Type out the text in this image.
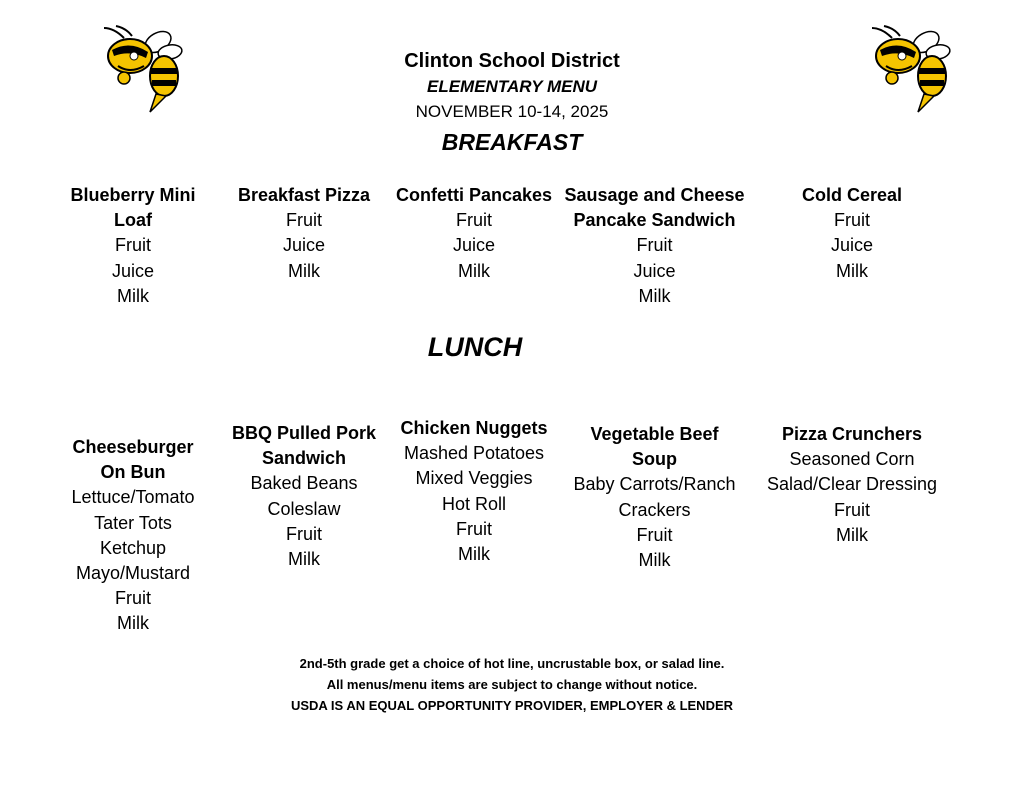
Clinton School District
ELEMENTARY MENU
NOVEMBER 10-14, 2025
BREAKFAST
Blueberry Mini Loaf
Fruit
Juice
Milk
Breakfast Pizza
Fruit
Juice
Milk
Confetti Pancakes
Fruit
Juice
Milk
Sausage and Cheese Pancake Sandwich
Fruit
Juice
Milk
Cold Cereal
Fruit
Juice
Milk
LUNCH
Cheeseburger On Bun
Lettuce/Tomato
Tater Tots
Ketchup
Mayo/Mustard
Fruit
Milk
BBQ Pulled Pork Sandwich
Baked Beans
Coleslaw
Fruit
Milk
Chicken Nuggets
Mashed Potatoes
Mixed Veggies
Hot Roll
Fruit
Milk
Vegetable Beef Soup
Baby Carrots/Ranch
Crackers
Fruit
Milk
Pizza Crunchers
Seasoned Corn
Salad/Clear Dressing
Fruit
Milk
2nd-5th grade get a choice of hot line, uncrustable box, or salad line.
All menus/menu items are subject to change without notice.
USDA IS AN EQUAL OPPORTUNITY PROVIDER, EMPLOYER & LENDER
